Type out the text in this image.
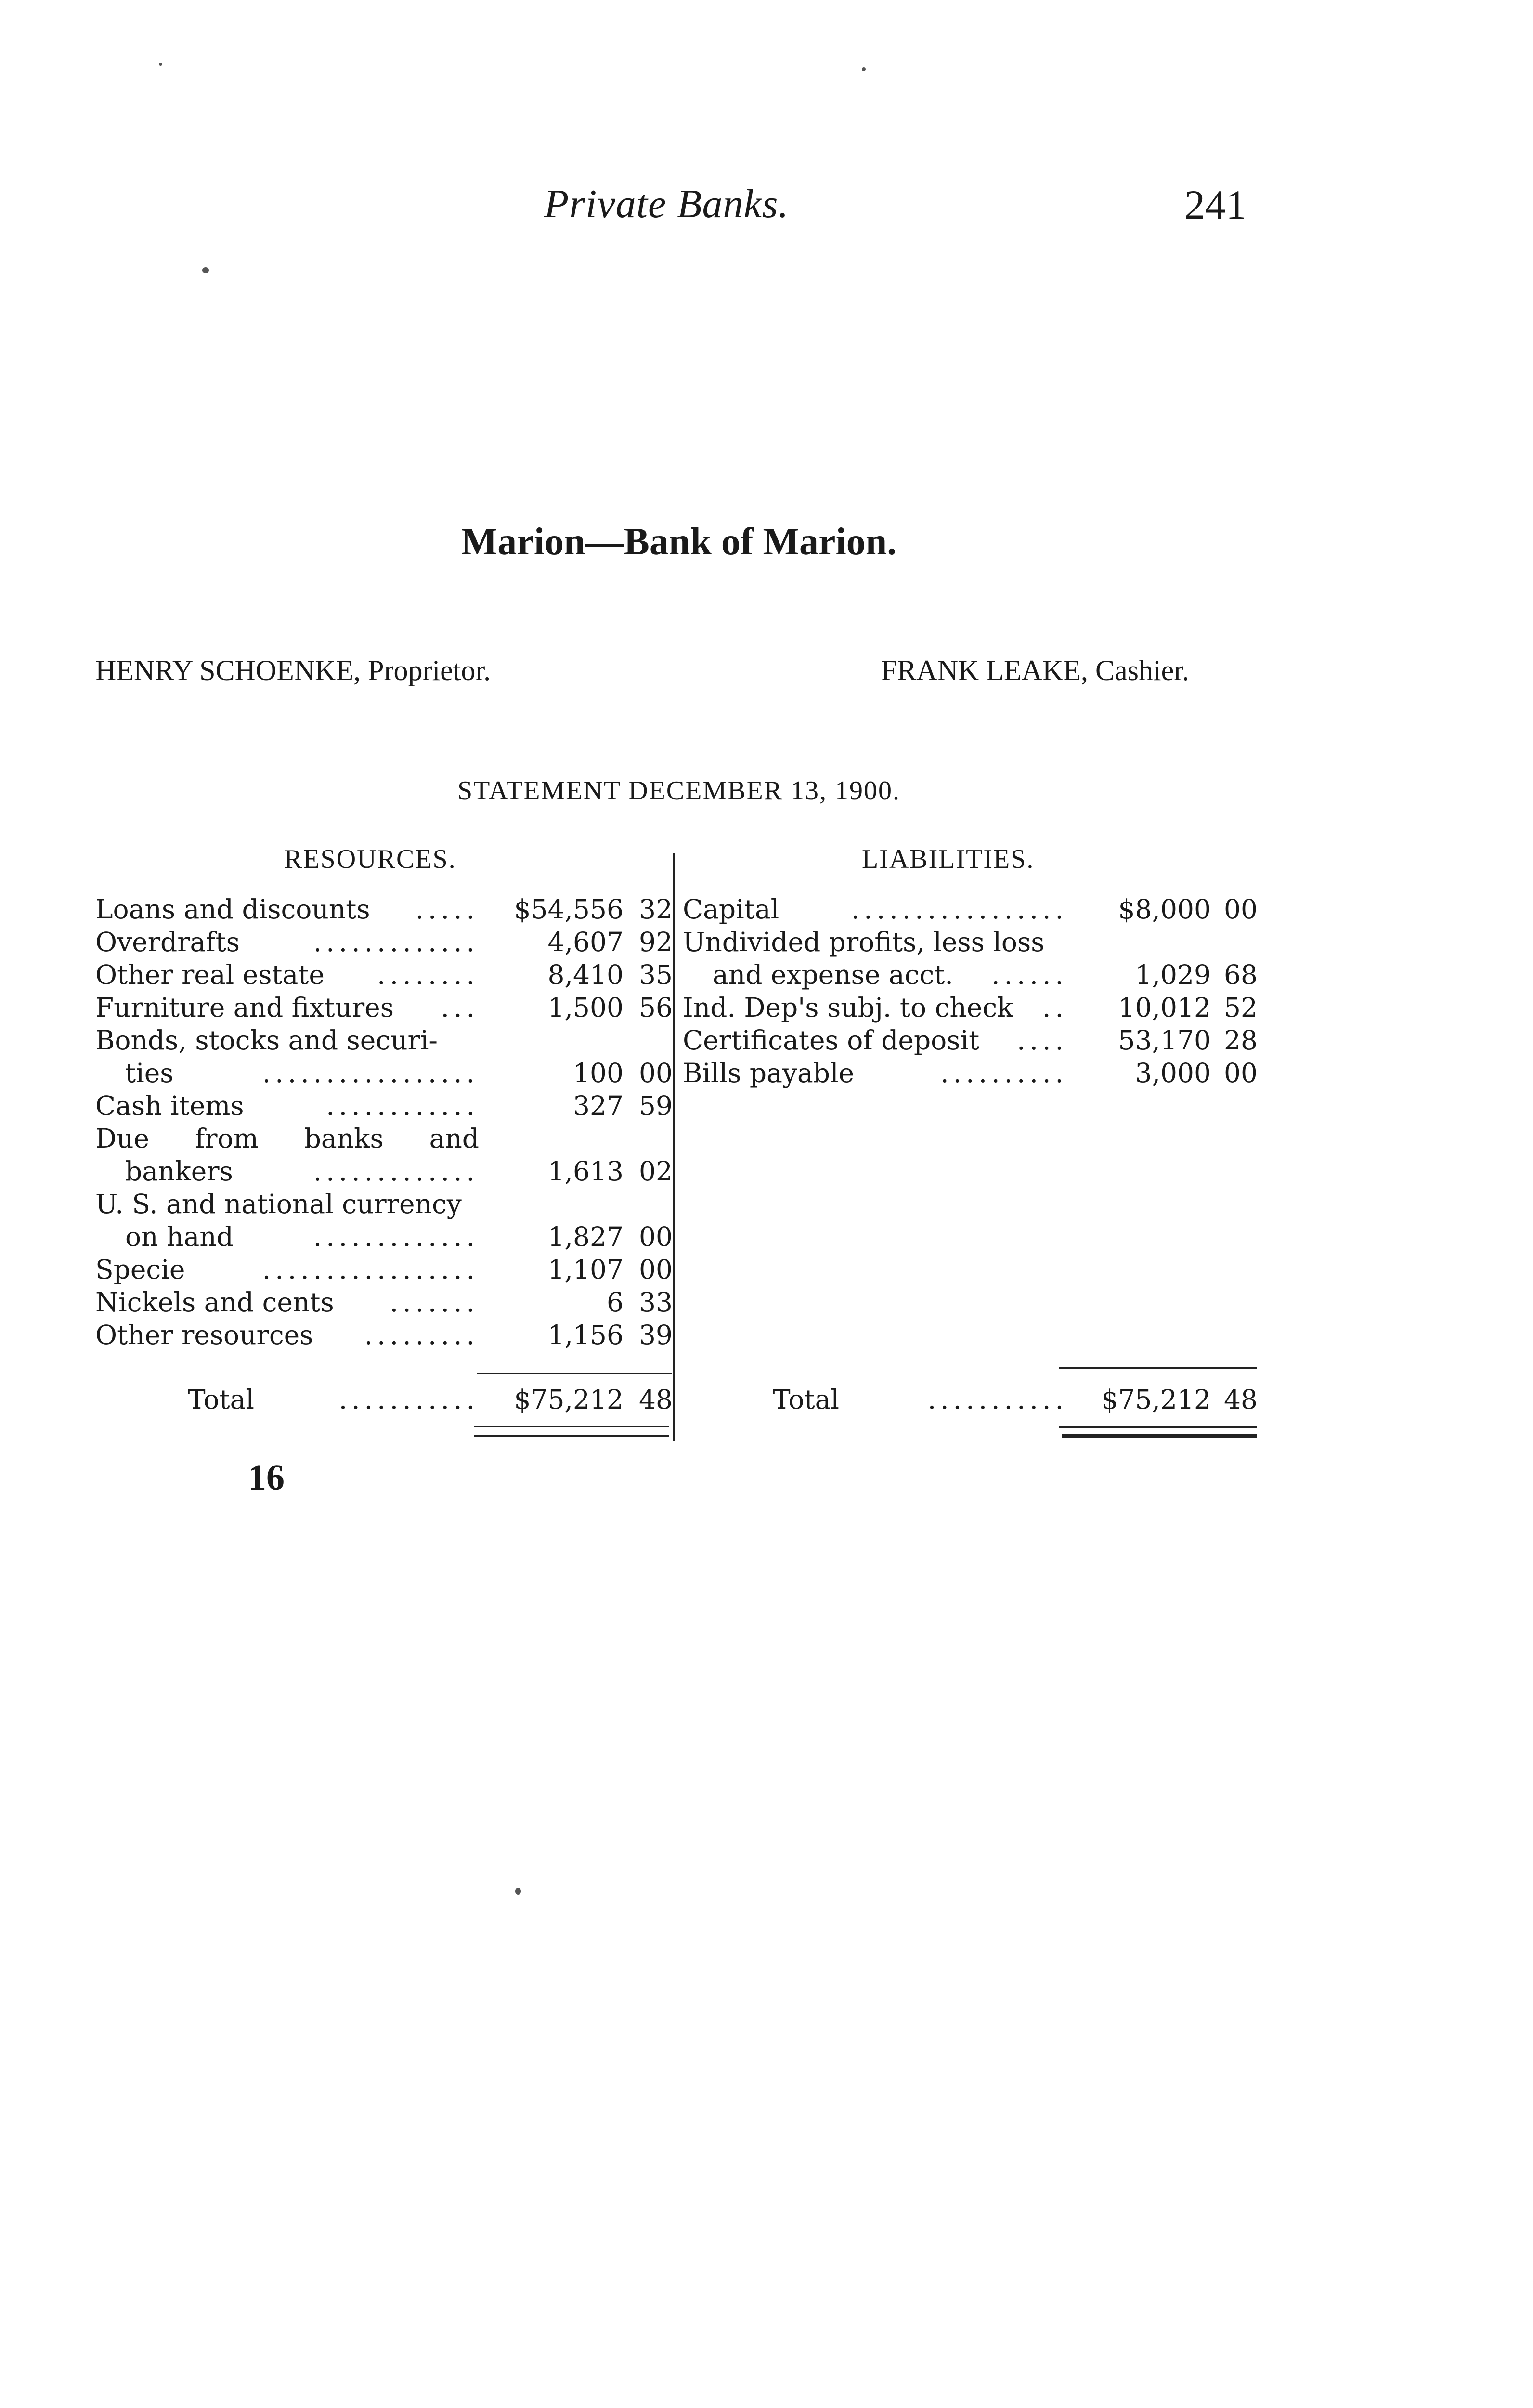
Private Banks.	241
Marion—Bank of Marion.
HENRY SCHOENKE, Proprietor.	FRANK LEAKE, Cashier.
STATEMENT DECEMBER 13, 1900.
RESOURCES.	LIABILITIES.
Loans and discounts ..... $54,556 32
Overdrafts	.............	4,607 92
Other real estate ........	8,410 35
Furniture and fixtures ...	1,500 56
Bonds, stocks and securi-
ties	.................	100 00
Cash items	............	327 59
Due   from   banks   and
bankers	.............	1,613 02
U. S. and national currency
on hand	.............	1,827 00
Specie	.................	1,107 00
Nickels and cents .......	6 33
Other resources .........	1,156 39
Total	........... $75,212 48
Capital	................. $8,000 00
Undivided profits, less loss
and expense acct. ......	1,029 68
Ind. Dep's subj. to check .. 10,012 52
Certificates of deposit .... 53,170 28
Bills payable	..........	3,000 00
Total	........... $75,212 48
16
